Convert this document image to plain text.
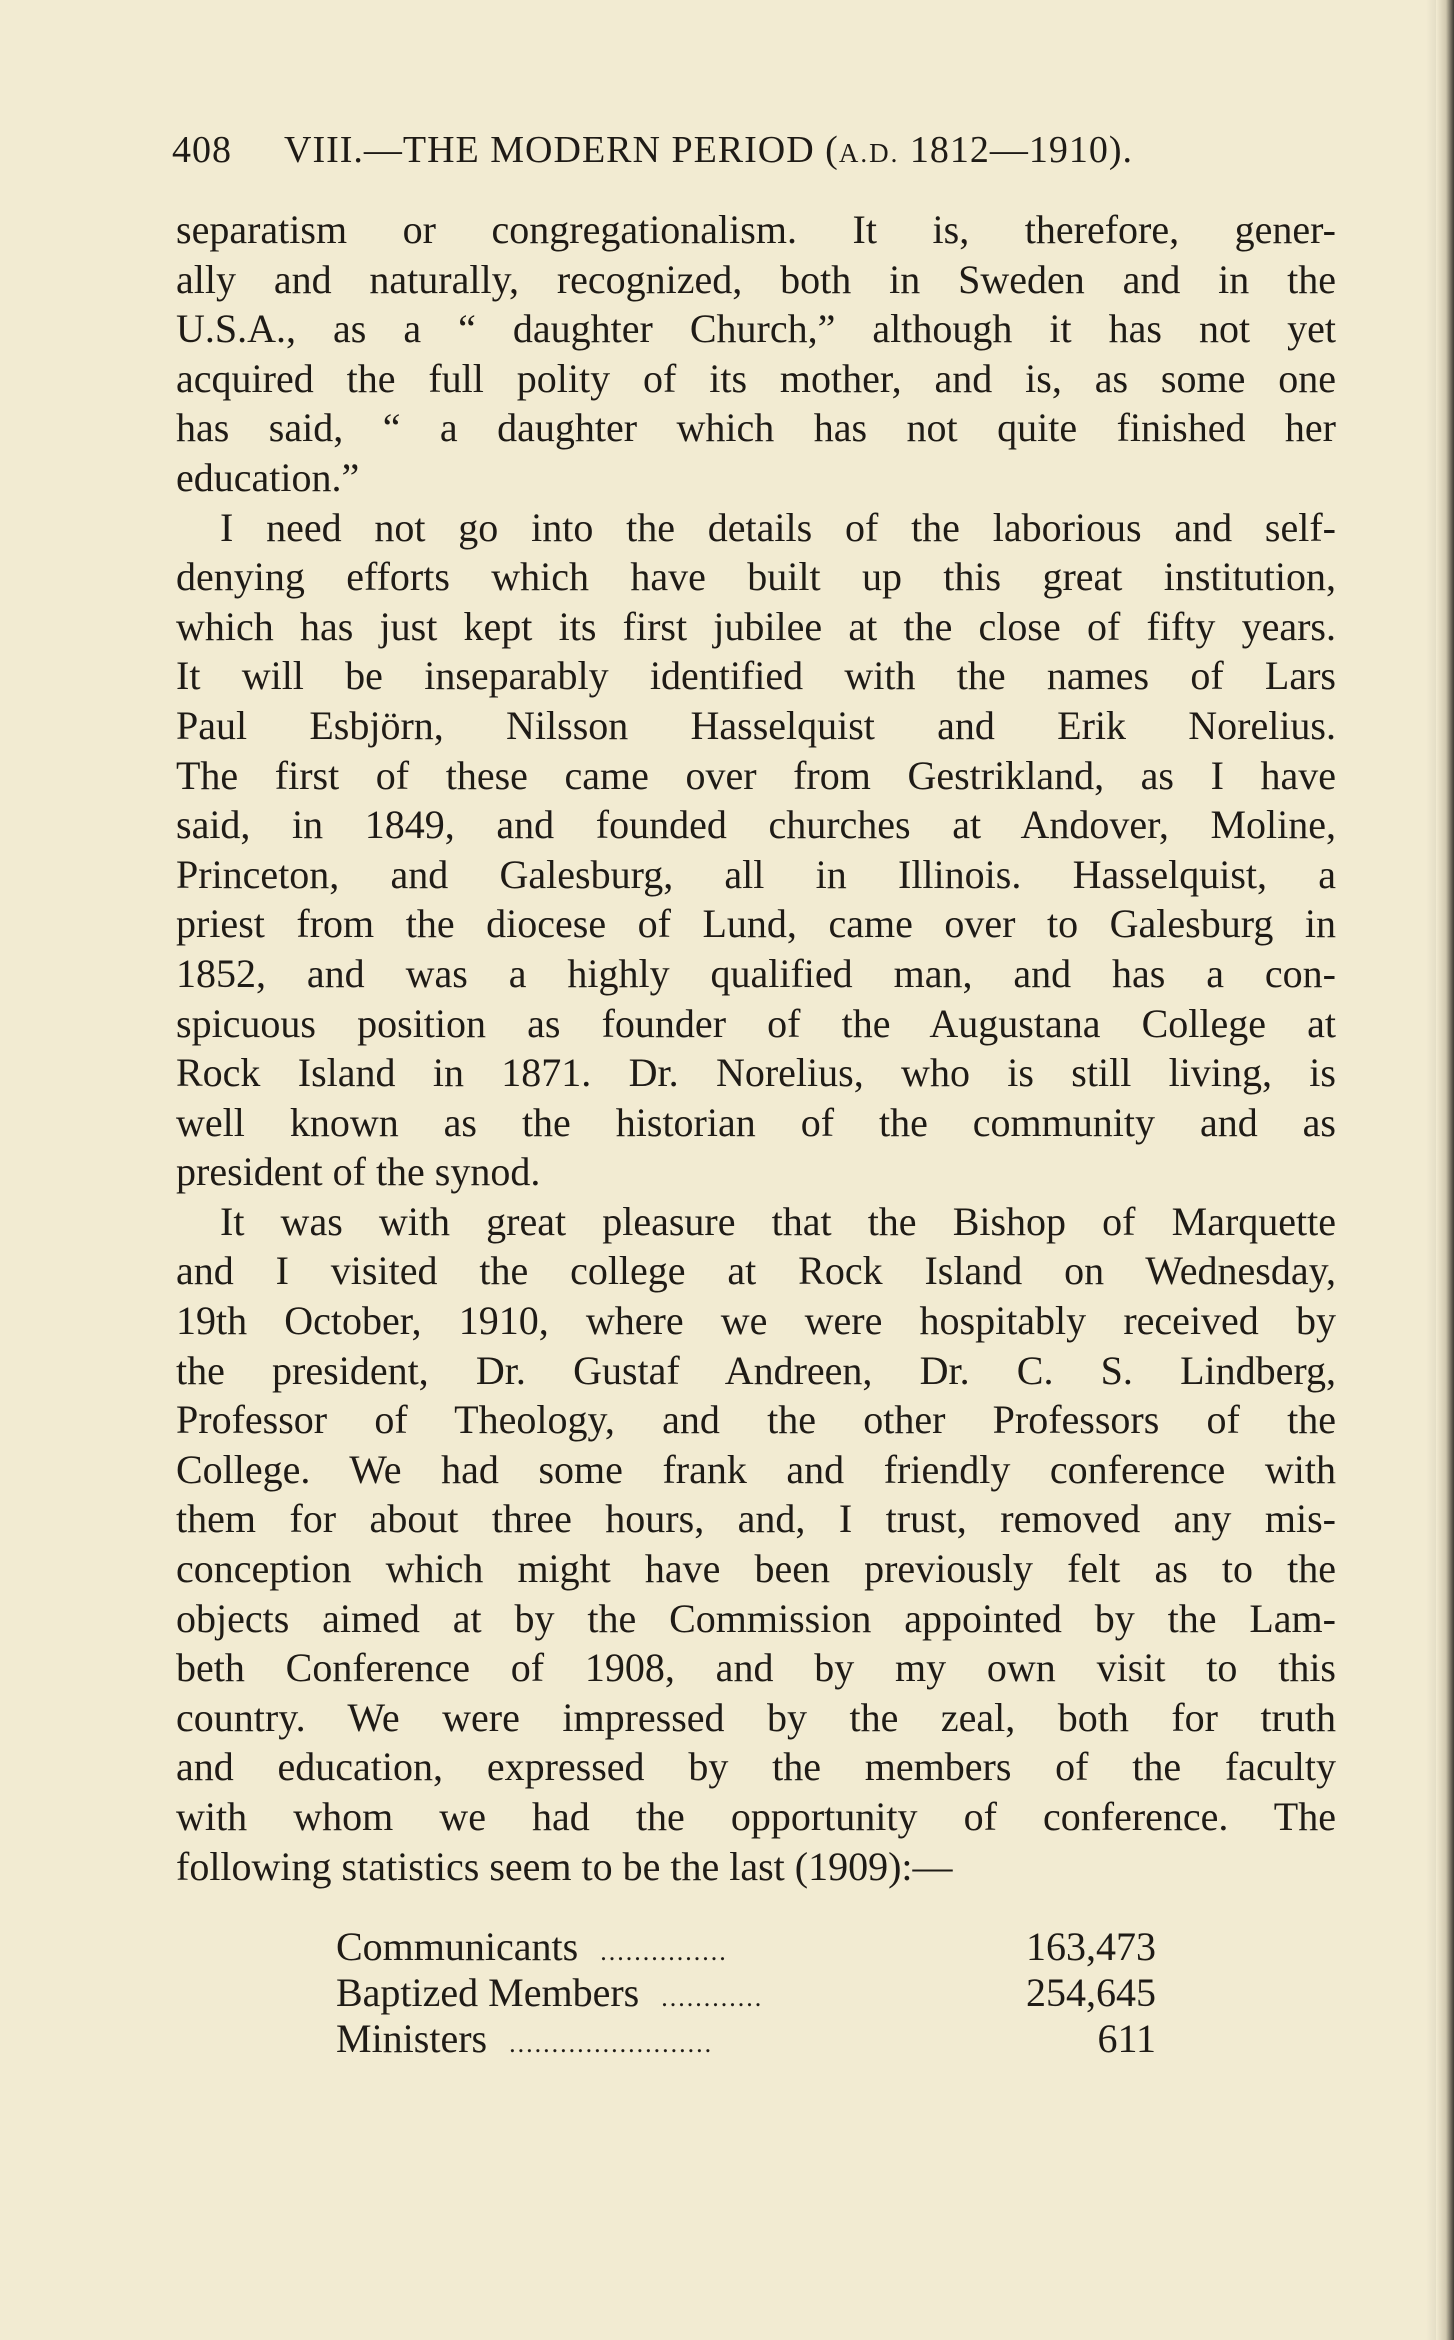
408 VIII.—THE MODERN PERIOD (A.D. 1812—1910).
separatism or congregationalism. It is, therefore, gener-
ally and naturally, recognized, both in Sweden and in the
U.S.A., as a “ daughter Church,” although it has not yet
acquired the full polity of its mother, and is, as some one
has said, “ a daughter which has not quite finished her
education.”
I need not go into the details of the laborious and self-
denying efforts which have built up this great institution,
which has just kept its first jubilee at the close of fifty years.
It will be inseparably identified with the names of Lars
Paul Esbjörn, Nilsson Hasselquist and Erik Norelius.
The first of these came over from Gestrikland, as I have
said, in 1849, and founded churches at Andover, Moline,
Princeton, and Galesburg, all in Illinois. Hasselquist, a
priest from the diocese of Lund, came over to Galesburg in
1852, and was a highly qualified man, and has a con-
spicuous position as founder of the Augustana College at
Rock Island in 1871. Dr. Norelius, who is still living, is
well known as the historian of the community and as
president of the synod.
It was with great pleasure that the Bishop of Marquette
and I visited the college at Rock Island on Wednesday,
19th October, 1910, where we were hospitably received by
the president, Dr. Gustaf Andreen, Dr. C. S. Lindberg,
Professor of Theology, and the other Professors of the
College. We had some frank and friendly conference with
them for about three hours, and, I trust, removed any mis-
conception which might have been previously felt as to the
objects aimed at by the Commission appointed by the Lam-
beth Conference of 1908, and by my own visit to this
country. We were impressed by the zeal, both for truth
and education, expressed by the members of the faculty
with whom we had the opportunity of conference. The
following statistics seem to be the last (1909):—
Communicants ...............	163,473
Baptized Members ............	254,645
Ministers ........................	611
